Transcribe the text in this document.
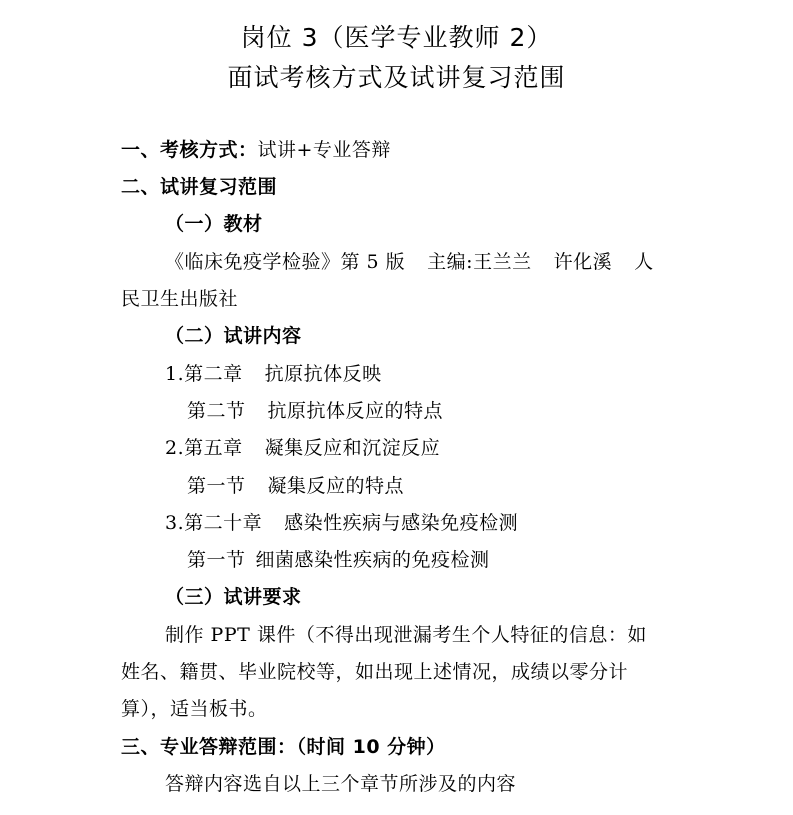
岗位 3（医学专业教师 2）
面试考核方式及试讲复习范围
一、考核方式：试讲+专业答辩
二、试讲复习范围
（一）教材
《临床免疫学检验》第 5 版 主编:王兰兰 许化溪 人
民卫生出版社
（二）试讲内容
1.第二章 抗原抗体反映
第二节 抗原抗体反应的特点
2.第五章 凝集反应和沉淀反应
第一节 凝集反应的特点
3.第二十章 感染性疾病与感染免疫检测
第一节 细菌感染性疾病的免疫检测
（三）试讲要求
制作 PPT 课件（不得出现泄漏考生个人特征的信息：如
姓名、籍贯、毕业院校等，如出现上述情况，成绩以零分计
算），适当板书。
三、专业答辩范围：（时间 10 分钟）
答辩内容选自以上三个章节所涉及的内容
